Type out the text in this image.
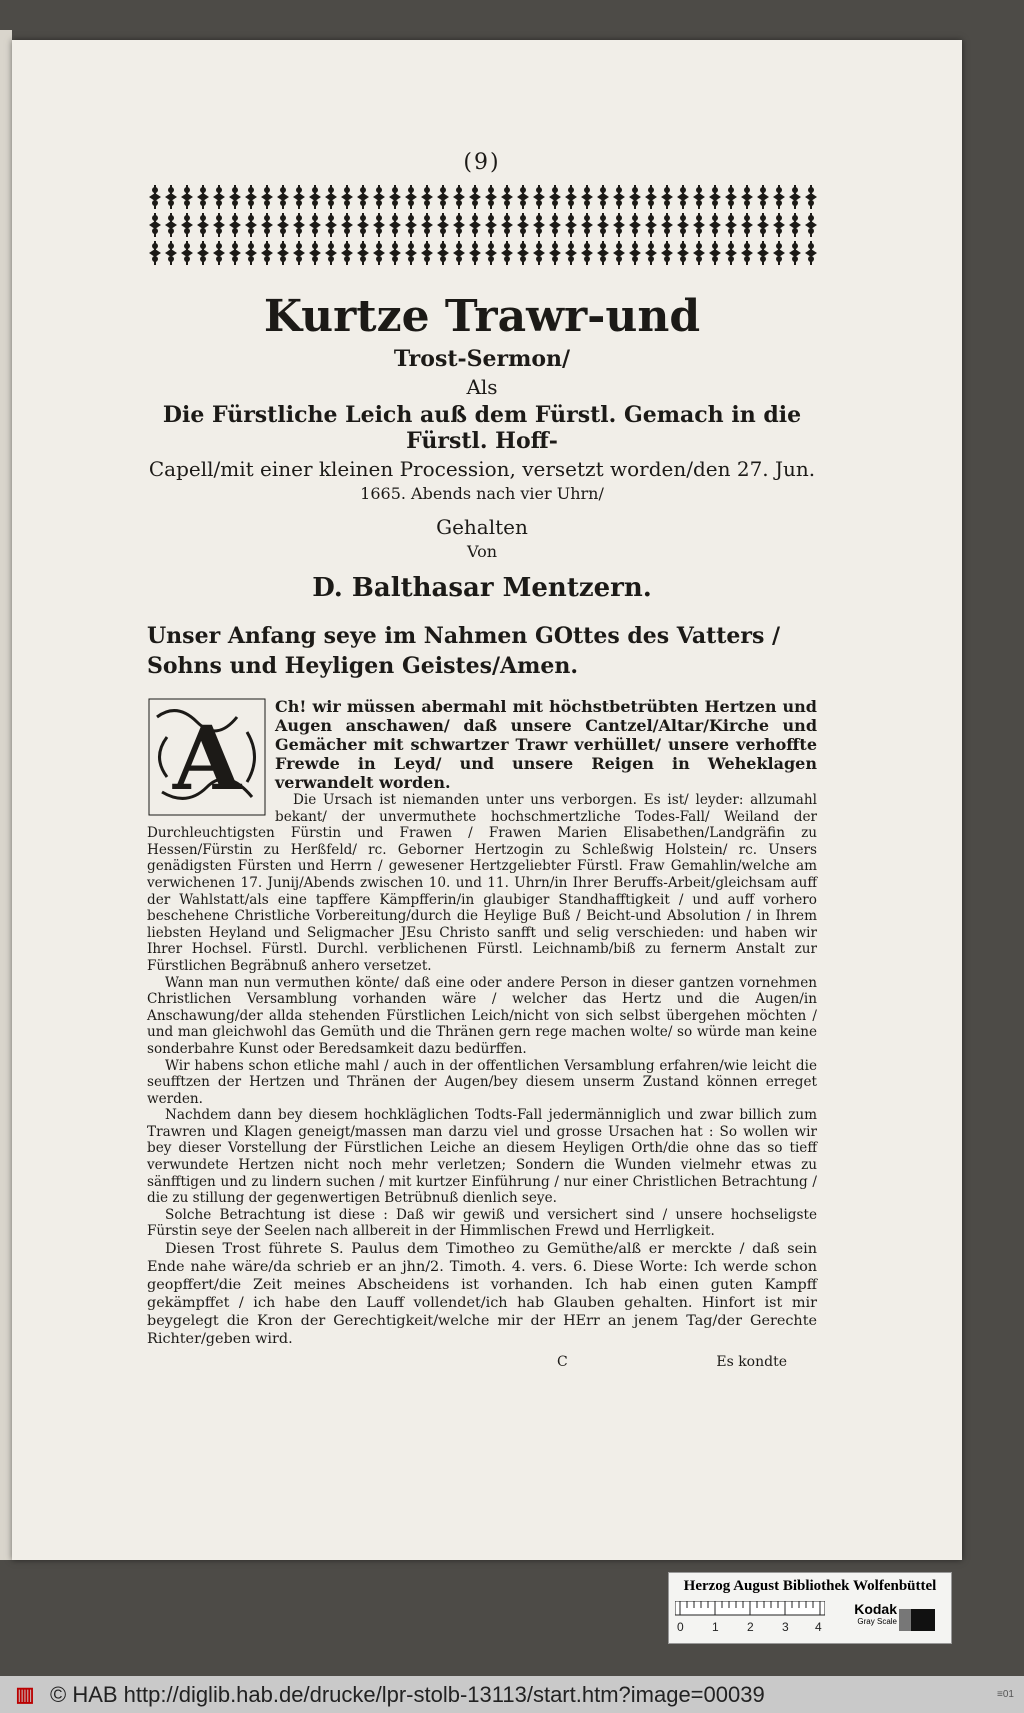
(9)
Kurtze Trawr-und
Trost-Sermon/
Als
Die Fürstliche Leich auß dem Fürstl. Gemach in die Fürstl. Hoff-
Capell/mit einer kleinen Procession, versetzt worden/den 27. Jun.
1665. Abends nach vier Uhrn/
Gehalten
Von
D. Balthasar Mentzern.
Unser Anfang seye im Nahmen GOttes des Vatters / Sohns und Heyligen Geistes/Amen.
A	Ch! wir müssen abermahl mit höchstbetrübten Hertzen und Augen anschawen/ daß unsere Cantzel/Altar/Kirche und Gemächer mit schwartzer Trawr verhüllet/ unsere verhoffte Frewde in Leyd/ und unsere Reigen in Weheklagen verwandelt worden.

Die Ursach ist niemanden unter uns verborgen. Es ist/ leyder: allzumahl bekant/ der unvermuthete hochschmertzliche Todes-Fall/ Weiland der Durchleuchtigsten Fürstin und Frawen / Frawen Marien Elisabethen/Landgräfin zu Hessen/Fürstin zu Herßfeld/ rc. Geborner Hertzogin zu Schleßwig Holstein/ rc. Unsers genädigsten Fürsten und Herrn / gewesener Hertzgeliebter Fürstl. Fraw Gemahlin/welche am verwichenen 17. Junij/Abends zwischen 10. und 11. Uhrn/in Ihrer Beruffs-Arbeit/gleichsam auff der Wahlstatt/als eine tapffere Kämpfferin/in glaubiger Standhafftigkeit / und auff vorhero beschehene Christliche Vorbereitung/durch die Heylige Buß / Beicht-und Absolution / in Ihrem liebsten Heyland und Seligmacher JEsu Christo sanfft und selig verschieden: und haben wir Ihrer Hochsel. Fürstl. Durchl. verblichenen Fürstl. Leichnamb/biß zu fernerm Anstalt zur Fürstlichen Begräbnuß anhero versetzet.

Wann man nun vermuthen könte/ daß eine oder andere Person in dieser gantzen vornehmen Christlichen Versamblung vorhanden wäre / welcher das Hertz und die Augen/in Anschawung/der allda stehenden Fürstlichen Leich/nicht von sich selbst übergehen möchten / und man gleichwohl das Gemüth und die Thränen gern rege machen wolte/ so würde man keine sonderbahre Kunst oder Beredsamkeit dazu bedürffen.

Wir habens schon etliche mahl / auch in der offentlichen Versamblung erfahren/wie leicht die seufftzen der Hertzen und Thränen der Augen/bey diesem unserm Zustand können erreget werden.

Nachdem dann bey diesem hochkläglichen Todts-Fall jedermänniglich und zwar billich zum Trawren und Klagen geneigt/massen man darzu viel und grosse Ursachen hat : So wollen wir bey dieser Vorstellung der Fürstlichen Leiche an diesem Heyligen Orth/die ohne das so tieff verwundete Hertzen nicht noch mehr verletzen; Sondern die Wunden vielmehr etwas zu sänfftigen und zu lindern suchen / mit kurtzer Einführung / nur einer Christlichen Betrachtung / die zu stillung der gegenwertigen Betrübnuß dienlich seye.

Solche Betrachtung ist diese : Daß wir gewiß und versichert sind / unsere hochseligste Fürstin seye der Seelen nach allbereit in der Himmlischen Frewd und Herrligkeit.

Diesen Trost führete S. Paulus dem Timotheo zu Gemüthe/alß er merckte / daß sein Ende nahe wäre/da schrieb er an jhn/2. Timoth. 4. vers. 6. Diese Worte: Ich werde schon geopffert/die Zeit meines Abscheidens ist vorhanden. Ich hab einen guten Kampff gekämpffet / ich habe den Lauff vollendet/ich hab Glauben gehalten. Hinfort ist mir beygelegt die Kron der Gerechtigkeit/welche mir der HErr an jenem Tag/der Gerechte Richter/geben wird.

C	Es kondte
Herzog August Bibliothek Wolfenbüttel
0 1 2 3 4
Kodak
Gray Scale
▥ © HAB http://diglib.hab.de/drucke/lpr-stolb-13113/start.htm?image=00039	≡01
